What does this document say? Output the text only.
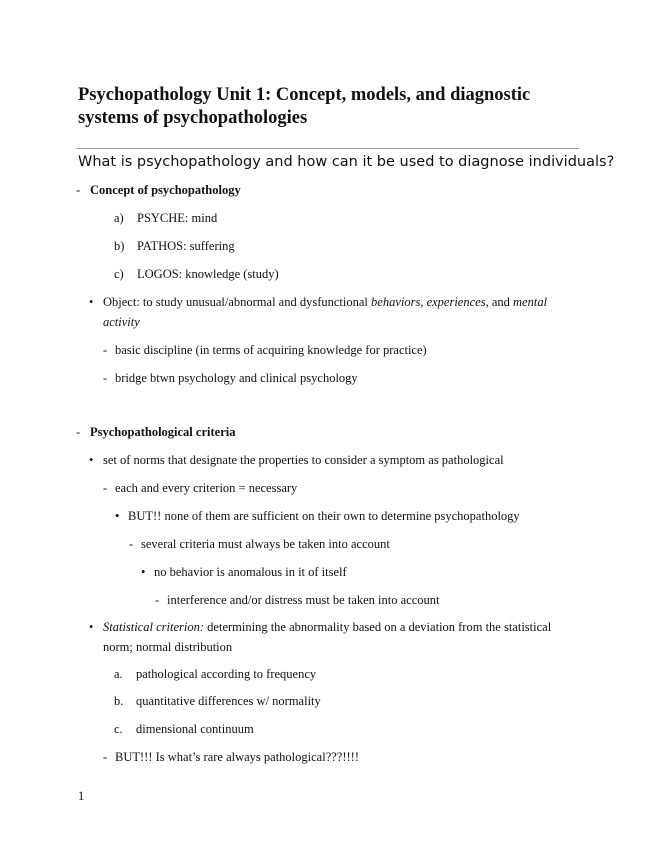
Psychopathology Unit 1: Concept, models, and diagnostic systems of psychopathologies
What is psychopathology and how can it be used to diagnose individuals?
- Concept of psychopathology
a) PSYCHE: mind
b) PATHOS: suffering
c) LOGOS: knowledge (study)
• Object: to study unusual/abnormal and dysfunctional behaviors, experiences, and mental activity
- basic discipline (in terms of acquiring knowledge for practice)
- bridge btwn psychology and clinical psychology
- Psychopathological criteria
• set of norms that designate the properties to consider a symptom as pathological
- each and every criterion = necessary
• BUT!! none of them are sufficient on their own to determine psychopathology
- several criteria must always be taken into account
• no behavior is anomalous in it of itself
- interference and/or distress must be taken into account
• Statistical criterion: determining the abnormality based on a deviation from the statistical
norm; normal distribution
a. pathological according to frequency
b. quantitative differences w/ normality
c. dimensional continuum
- BUT!!! Is what’s rare always pathological???!!!!
1
